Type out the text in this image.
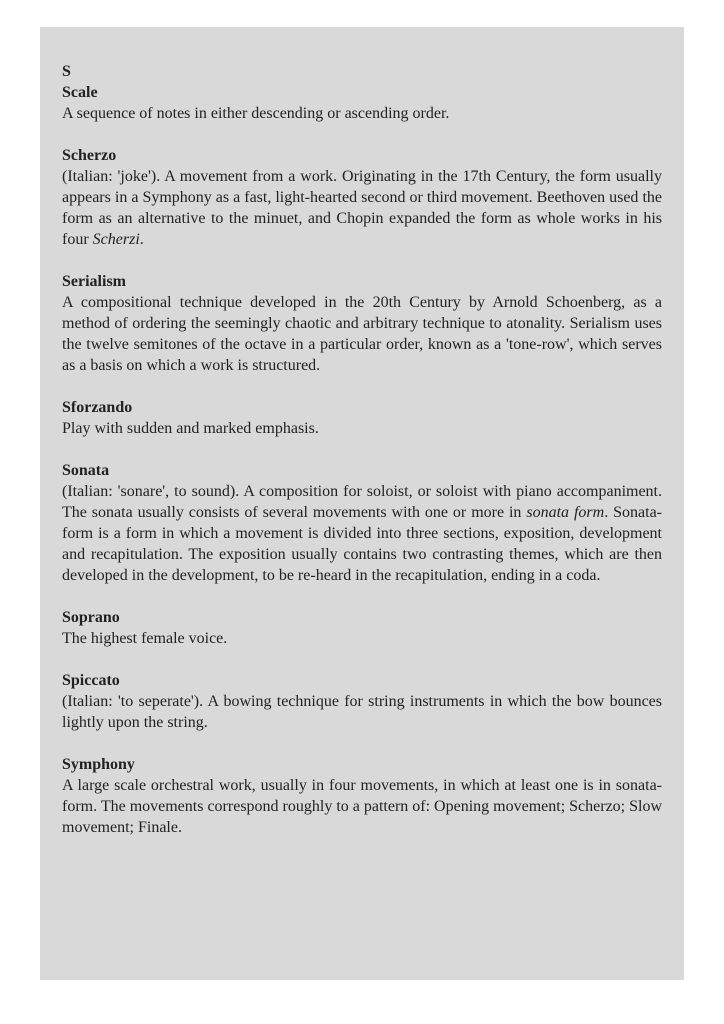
S

Scale

A sequence of notes in either descending or ascending order.

Scherzo

(Italian: 'joke'). A movement from a work. Originating in the 17th Century, the form usually appears in a Symphony as a fast, light-hearted second or third movement. Beethoven used the form as an alternative to the minuet, and Chopin expanded the form as whole works in his four Scherzi.

Serialism

A compositional technique developed in the 20th Century by Arnold Schoenberg, as a method of ordering the seemingly chaotic and arbitrary technique to atonality. Serialism uses the twelve semitones of the octave in a particular order, known as a 'tone-row', which serves as a basis on which a work is structured.

Sforzando

Play with sudden and marked emphasis.

Sonata

(Italian: 'sonare', to sound). A composition for soloist, or soloist with piano accompaniment. The sonata usually consists of several movements with one or more in sonata form. Sonata-form is a form in which a movement is divided into three sections, exposition, development and recapitulation. The exposition usually contains two contrasting themes, which are then developed in the development, to be re-heard in the recapitulation, ending in a coda.

Soprano

The highest female voice.

Spiccato

(Italian: 'to seperate'). A bowing technique for string instruments in which the bow bounces lightly upon the string.

Symphony

A large scale orchestral work, usually in four movements, in which at least one is in sonata-form. The movements correspond roughly to a pattern of: Opening movement; Scherzo; Slow movement; Finale.
